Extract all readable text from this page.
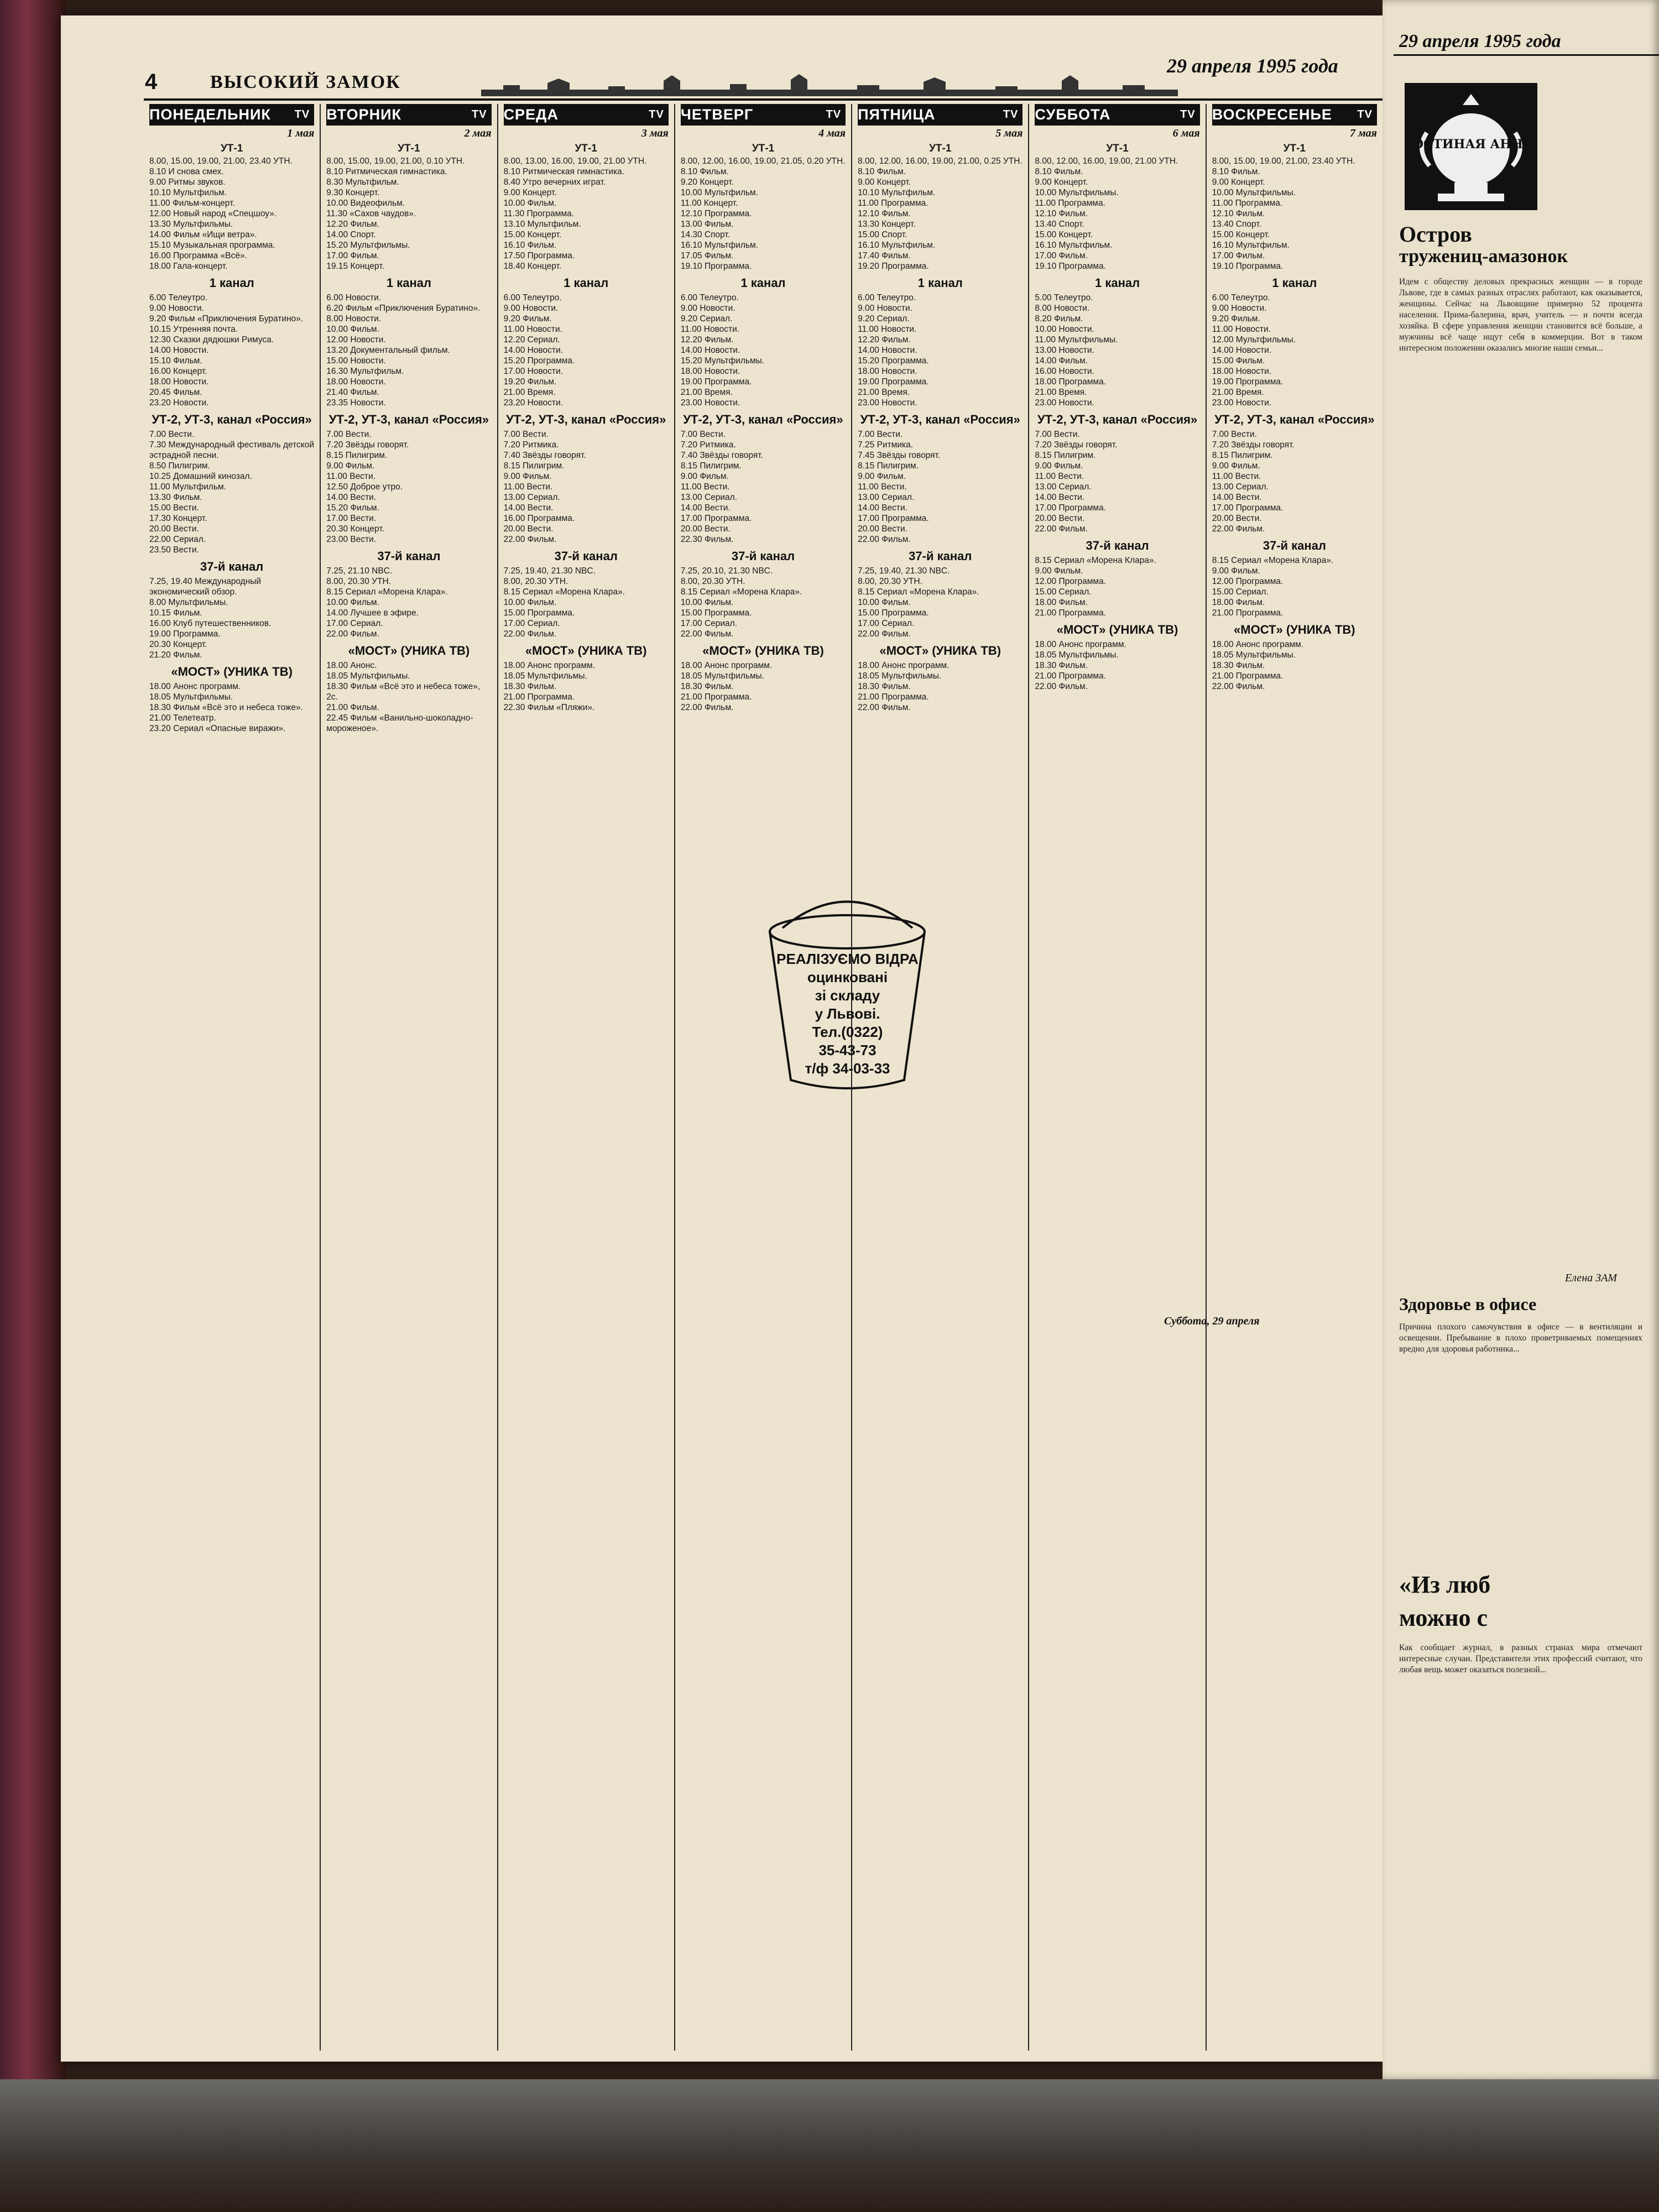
4	ВЫСОКИЙ ЗАМОК
29 апреля 1995 года
ПОНЕДЕЛЬНИК	TV
1 мая

УТ-1

8.00, 15.00, 19.00, 21.00, 23.40 УТН.

8.10 И снова смех.

9.00 Ритмы звуков.

10.10 Мультфильм.

11.00 Фильм-концерт.

12.00 Новый народ «Спецшоу».

13.30 Мультфильмы.

14.00 Фильм «Ищи ветра».

15.10 Музыкальная программа.

16.00 Программа «Всё».

18.00 Гала-концерт.

1 канал

6.00 Телеутро.

9.00 Новости.

9.20 Фильм «Приключения Буратино».

10.15 Утренняя почта.

12.30 Сказки дядюшки Римуса.

14.00 Новости.

15.10 Фильм.

16.00 Концерт.

18.00 Новости.

20.45 Фильм.

23.20 Новости.

УТ-2, УТ-3, канал «Россия»

7.00 Вести.

7.30 Международный фестиваль детской эстрадной песни.

8.50 Пилигрим.

10.25 Домашний кинозал.

11.00 Мультфильм.

13.30 Фильм.

15.00 Вести.

17.30 Концерт.

20.00 Вести.

22.00 Сериал.

23.50 Вести.

37-й канал

7.25, 19.40 Международный экономический обзор.

8.00 Мультфильмы.

10.15 Фильм.

16.00 Клуб путешественников.

19.00 Программа.

20.30 Концерт.

21.20 Фильм.

«МОСТ» (УНИКА ТВ)

18.00 Анонс программ.

18.05 Мультфильмы.

18.30 Фильм «Всё это и небеса тоже».

21.00 Телетеатр.

23.20 Сериал «Опасные виражи».

ВТОРНИК	TV
2 мая

УТ-1

8.00, 15.00, 19.00, 21.00, 0.10 УТН.

8.10 Ритмическая гимнастика.

8.30 Мультфильм.

9.30 Концерт.

10.00 Видеофильм.

11.30 «Сахов чаудов».

12.20 Фильм.

14.00 Спорт.

15.20 Мультфильмы.

17.00 Фильм.

19.15 Концерт.

1 канал

6.00 Новости.

6.20 Фильм «Приключения Буратино».

8.00 Новости.

10.00 Фильм.

12.00 Новости.

13.20 Документальный фильм.

15.00 Новости.

16.30 Мультфильм.

18.00 Новости.

21.40 Фильм.

23.35 Новости.

УТ-2, УТ-3, канал «Россия»

7.00 Вести.

7.20 Звёзды говорят.

8.15 Пилигрим.

9.00 Фильм.

11.00 Вести.

12.50 Доброе утро.

14.00 Вести.

15.20 Фильм.

17.00 Вести.

20.30 Концерт.

23.00 Вести.

37-й канал

7.25, 21.10 NBC.

8.00, 20.30 УТН.

8.15 Сериал «Морена Клара».

10.00 Фильм.

14.00 Лучшее в эфире.

17.00 Сериал.

22.00 Фильм.

«МОСТ» (УНИКА ТВ)

18.00 Анонс.

18.05 Мультфильмы.

18.30 Фильм «Всё это и небеса тоже», 2с.

21.00 Фильм.

22.45 Фильм «Ванильно-шоколадно-мороженое».

СРЕДА	TV
3 мая

УТ-1

8.00, 13.00, 16.00, 19.00, 21.00 УТН.

8.10 Ритмическая гимнастика.

8.40 Утро вечерних играт.

9.00 Концерт.

10.00 Фильм.

11.30 Программа.

13.10 Мультфильм.

15.00 Концерт.

16.10 Фильм.

17.50 Программа.

18.40 Концерт.

1 канал

6.00 Телеутро.

9.00 Новости.

9.20 Фильм.

11.00 Новости.

12.20 Сериал.

14.00 Новости.

15.20 Программа.

17.00 Новости.

19.20 Фильм.

21.00 Время.

23.20 Новости.

УТ-2, УТ-3, канал «Россия»

7.00 Вести.

7.20 Ритмика.

7.40 Звёзды говорят.

8.15 Пилигрим.

9.00 Фильм.

11.00 Вести.

13.00 Сериал.

14.00 Вести.

16.00 Программа.

20.00 Вести.

22.00 Фильм.

37-й канал

7.25, 19.40, 21.30 NBC.

8.00, 20.30 УТН.

8.15 Сериал «Морена Клара».

10.00 Фильм.

15.00 Программа.

17.00 Сериал.

22.00 Фильм.

«МОСТ» (УНИКА ТВ)

18.00 Анонс программ.

18.05 Мультфильмы.

18.30 Фильм.

21.00 Программа.

22.30 Фильм «Пляжи».

ЧЕТВЕРГ	TV
4 мая

УТ-1

8.00, 12.00, 16.00, 19.00, 21.05, 0.20 УТН.

8.10 Фильм.

9.20 Концерт.

10.00 Мультфильм.

11.00 Концерт.

12.10 Программа.

13.00 Фильм.

14.30 Спорт.

16.10 Мультфильм.

17.05 Фильм.

19.10 Программа.

1 канал

6.00 Телеутро.

9.00 Новости.

9.20 Сериал.

11.00 Новости.

12.20 Фильм.

14.00 Новости.

15.20 Мультфильмы.

18.00 Новости.

19.00 Программа.

21.00 Время.

23.00 Новости.

УТ-2, УТ-3, канал «Россия»

7.00 Вести.

7.20 Ритмика.

7.40 Звёзды говорят.

8.15 Пилигрим.

9.00 Фильм.

11.00 Вести.

13.00 Сериал.

14.00 Вести.

17.00 Программа.

20.00 Вести.

22.30 Фильм.

37-й канал

7.25, 20.10, 21.30 NBC.

8.00, 20.30 УТН.

8.15 Сериал «Морена Клара».

10.00 Фильм.

15.00 Программа.

17.00 Сериал.

22.00 Фильм.

«МОСТ» (УНИКА ТВ)

18.00 Анонс программ.

18.05 Мультфильмы.

18.30 Фильм.

21.00 Программа.

22.00 Фильм.

ПЯТНИЦА	TV
5 мая

УТ-1

8.00, 12.00, 16.00, 19.00, 21.00, 0.25 УТН.

8.10 Фильм.

9.00 Концерт.

10.10 Мультфильм.

11.00 Программа.

12.10 Фильм.

13.30 Концерт.

15.00 Спорт.

16.10 Мультфильм.

17.40 Фильм.

19.20 Программа.

1 канал

6.00 Телеутро.

9.00 Новости.

9.20 Сериал.

11.00 Новости.

12.20 Фильм.

14.00 Новости.

15.20 Программа.

18.00 Новости.

19.00 Программа.

21.00 Время.

23.00 Новости.

УТ-2, УТ-3, канал «Россия»

7.00 Вести.

7.25 Ритмика.

7.45 Звёзды говорят.

8.15 Пилигрим.

9.00 Фильм.

11.00 Вести.

13.00 Сериал.

14.00 Вести.

17.00 Программа.

20.00 Вести.

22.00 Фильм.

37-й канал

7.25, 19.40, 21.30 NBC.

8.00, 20.30 УТН.

8.15 Сериал «Морена Клара».

10.00 Фильм.

15.00 Программа.

17.00 Сериал.

22.00 Фильм.

«МОСТ» (УНИКА ТВ)

18.00 Анонс программ.

18.05 Мультфильмы.

18.30 Фильм.

21.00 Программа.

22.00 Фильм.

СУББОТА	TV
6 мая

УТ-1

8.00, 12.00, 16.00, 19.00, 21.00 УТН.

8.10 Фильм.

9.00 Концерт.

10.00 Мультфильмы.

11.00 Программа.

12.10 Фильм.

13.40 Спорт.

15.00 Концерт.

16.10 Мультфильм.

17.00 Фильм.

19.10 Программа.

1 канал

5.00 Телеутро.

8.00 Новости.

8.20 Фильм.

10.00 Новости.

11.00 Мультфильмы.

13.00 Новости.

14.00 Фильм.

16.00 Новости.

18.00 Программа.

21.00 Время.

23.00 Новости.

УТ-2, УТ-3, канал «Россия»

7.00 Вести.

7.20 Звёзды говорят.

8.15 Пилигрим.

9.00 Фильм.

11.00 Вести.

13.00 Сериал.

14.00 Вести.

17.00 Программа.

20.00 Вести.

22.00 Фильм.

37-й канал

8.15 Сериал «Морена Клара».

9.00 Фильм.

12.00 Программа.

15.00 Сериал.

18.00 Фильм.

21.00 Программа.

«МОСТ» (УНИКА ТВ)

18.00 Анонс программ.

18.05 Мультфильмы.

18.30 Фильм.

21.00 Программа.

22.00 Фильм.

ВОСКРЕСЕНЬЕ	TV
7 мая

УТ-1

8.00, 15.00, 19.00, 21.00, 23.40 УТН.

8.10 Фильм.

9.00 Концерт.

10.00 Мультфильмы.

11.00 Программа.

12.10 Фильм.

13.40 Спорт.

15.00 Концерт.

16.10 Мультфильм.

17.00 Фильм.

19.10 Программа.

1 канал

6.00 Телеутро.

9.00 Новости.

9.20 Фильм.

11.00 Новости.

12.00 Мультфильмы.

14.00 Новости.

15.00 Фильм.

18.00 Новости.

19.00 Программа.

21.00 Время.

23.00 Новости.

УТ-2, УТ-3, канал «Россия»

7.00 Вести.

7.20 Звёзды говорят.

8.15 Пилигрим.

9.00 Фильм.

11.00 Вести.

13.00 Сериал.

14.00 Вести.

17.00 Программа.

20.00 Вести.

22.00 Фильм.

37-й канал

8.15 Сериал «Морена Клара».

9.00 Фильм.

12.00 Программа.

15.00 Сериал.

18.00 Фильм.

21.00 Программа.

«МОСТ» (УНИКА ТВ)

18.00 Анонс программ.

18.05 Мультфильмы.

18.30 Фильм.

21.00 Программа.

22.00 Фильм.

РЕАЛІЗУЄМО ВІДРА
оцинковані
зі складу
у Львові.
Тел.(0322)
35-43-73
т/ф 34-03-33
Суббота, 29 апреля
29 апреля 1995 года
ГОСТИНАЯ АННЫ
Остров
тружениц-амазонок
Идем с обществу деловых прекрасных женщин — в городе Львове, где в самых разных отраслях работают, как оказывается, женщины. Сейчас на Львовщине примерно 52 процента населения. Прима-балерина, врач, учитель — и почти всегда хозяйка. В сфере управления женщин становится всё больше, а мужчины всё чаще ищут себя в коммерции. Вот в таком интересном положении оказались многие наши семьи...
Елена ЗАМ
Здоровье в офисе
Причина плохого самочувствия в офисе — в вентиляции и освещении. Пребывание в плохо проветриваемых помещениях вредно для здоровья работника...
«Из люб
можно с
Как сообщает журнал, в разных странах мира отмечают интересные случаи. Представители этих профессий считают, что любая вещь может оказаться полезной...
